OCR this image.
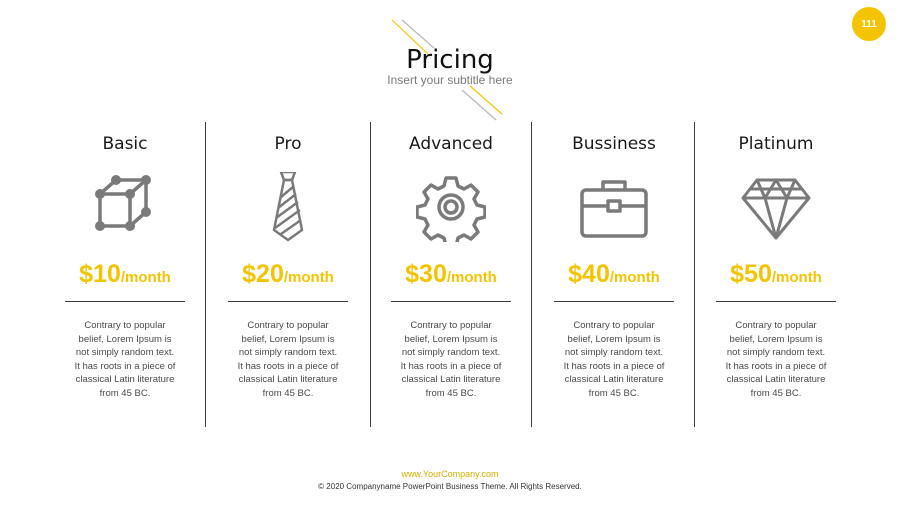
111
Pricing
Insert your subtitle here
Basic
$10/month
Contrary to popular belief, Lorem Ipsum is not simply random text. It has roots in a piece of classical Latin literature from 45 BC.
Pro
$20/month
Contrary to popular belief, Lorem Ipsum is not simply random text. It has roots in a piece of classical Latin literature from 45 BC.
Advanced
$30/month
Contrary to popular belief, Lorem Ipsum is not simply random text. It has roots in a piece of classical Latin literature from 45 BC.
Bussiness
$40/month
Contrary to popular belief, Lorem Ipsum is not simply random text. It has roots in a piece of classical Latin literature from 45 BC.
Platinum
$50/month
Contrary to popular belief, Lorem Ipsum is not simply random text. It has roots in a piece of classical Latin literature from 45 BC.
www.YourCompany.com
© 2020 Companyname PowerPoint Business Theme. All Rights Reserved.
